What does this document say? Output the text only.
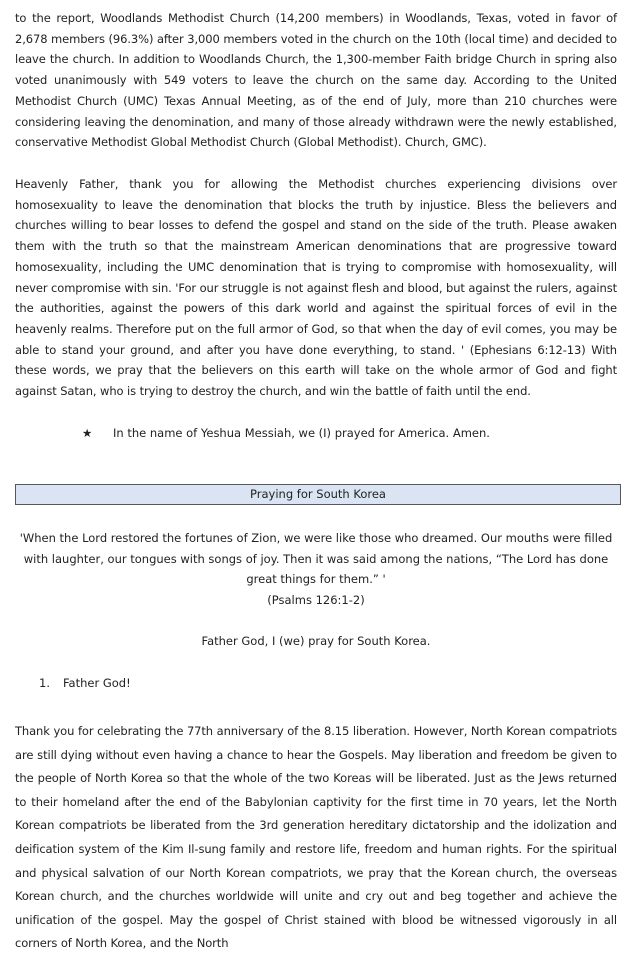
to the report, Woodlands Methodist Church (14,200 members) in Woodlands, Texas, voted in favor of 2,678 members (96.3%) after 3,000 members voted in the church on the 10th (local time) and decided to leave the church. In addition to Woodlands Church, the 1,300-member Faith bridge Church in spring also voted unanimously with 549 voters to leave the church on the same day. According to the United Methodist Church (UMC) Texas Annual Meeting, as of the end of July, more than 210 churches were considering leaving the denomination, and many of those already withdrawn were the newly established, conservative Methodist Global Methodist Church (Global Methodist). Church, GMC).

Heavenly Father, thank you for allowing the Methodist churches experiencing divisions over homosexuality to leave the denomination that blocks the truth by injustice. Bless the believers and churches willing to bear losses to defend the gospel and stand on the side of the truth. Please awaken them with the truth so that the mainstream American denominations that are progressive toward homosexuality, including the UMC denomination that is trying to compromise with homosexuality, will never compromise with sin. 'For our struggle is not against flesh and blood, but against the rulers, against the authorities, against the powers of this dark world and against the spiritual forces of evil in the heavenly realms. Therefore put on the full armor of God, so that when the day of evil comes, you may be able to stand your ground, and after you have done everything, to stand. ' (Ephesians 6:12-13) With these words, we pray that the believers on this earth will take on the whole armor of God and fight against Satan, who is trying to destroy the church, and win the battle of faith until the end.

★ In the name of Yeshua Messiah, we (I) prayed for America. Amen.
Praying for South Korea

'When the Lord restored the fortunes of Zion, we were like those who dreamed. Our mouths were filled with laughter, our tongues with songs of joy. Then it was said among the nations, “The Lord has done great things for them.” '

(Psalms 126:1-2)

Father God, I (we) pray for South Korea.

1. Father God!

Thank you for celebrating the 77th anniversary of the 8.15 liberation. However, North Korean compatriots are still dying without even having a chance to hear the Gospels. May liberation and freedom be given to the people of North Korea so that the whole of the two Koreas will be liberated. Just as the Jews returned to their homeland after the end of the Babylonian captivity for the first time in 70 years, let the North Korean compatriots be liberated from the 3rd generation hereditary dictatorship and the idolization and deification system of the Kim Il-sung family and restore life, freedom and human rights. For the spiritual and physical salvation of our North Korean compatriots, we pray that the Korean church, the overseas Korean church, and the churches worldwide will unite and cry out and beg together and achieve the unification of the gospel. May the gospel of Christ stained with blood be witnessed vigorously in all corners of North Korea, and the North
